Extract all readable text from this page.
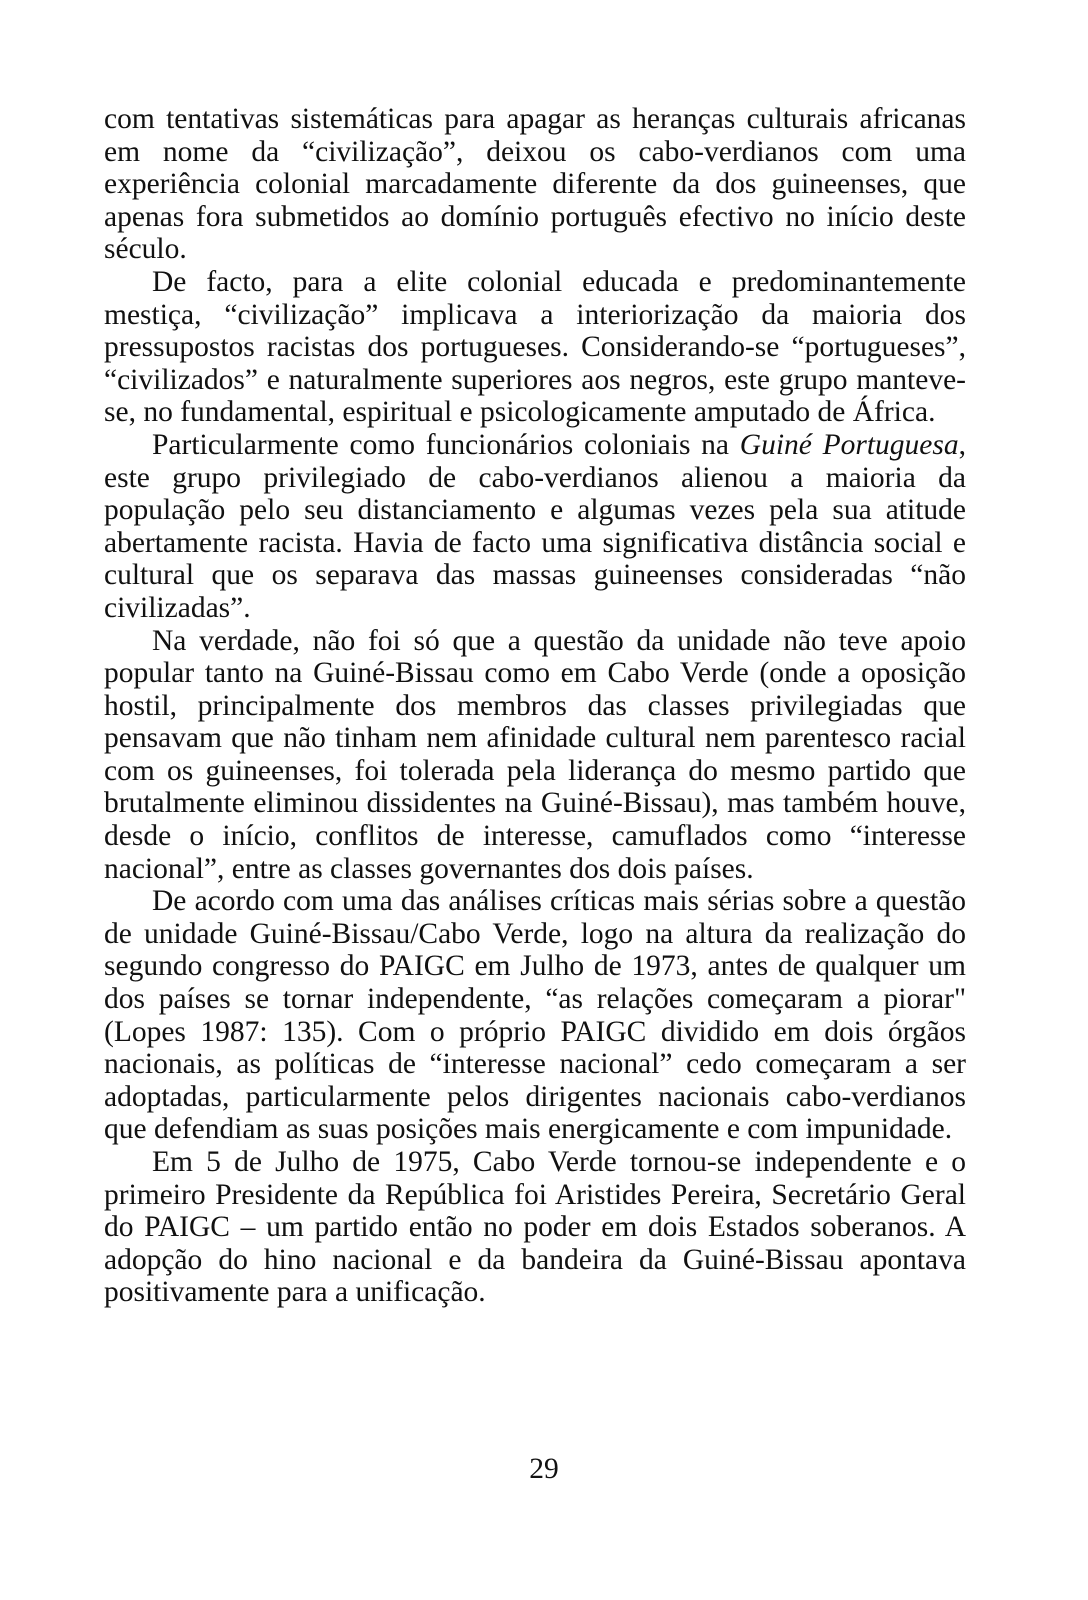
com tentativas sistemáticas para apagar as heranças culturais africanas em nome da “civilização”, deixou os cabo-verdianos com uma experiência colonial marcadamente diferente da dos guineenses, que apenas fora submetidos ao domínio português efectivo no início deste século.

De facto, para a elite colonial educada e predominantemente mestiça, “civilização” implicava a interiorização da maioria dos pressupostos racistas dos portugueses. Considerando-se “portugueses”, “civilizados” e naturalmente superiores aos negros, este grupo manteve-se, no fundamental, espiritual e psicologicamente amputado de África.

Particularmente como funcionários coloniais na Guiné Portuguesa, este grupo privilegiado de cabo-verdianos alienou a maioria da população pelo seu distanciamento e algumas vezes pela sua atitude abertamente racista. Havia de facto uma significativa distância social e cultural que os separava das massas guineenses consideradas “não civilizadas”.

Na verdade, não foi só que a questão da unidade não teve apoio popular tanto na Guiné-Bissau como em Cabo Verde (onde a oposição hostil, principalmente dos membros das classes privilegiadas que pensavam que não tinham nem afinidade cultural nem parentesco racial com os guineenses, foi tolerada pela liderança do mesmo partido que brutalmente eliminou dissidentes na Guiné-Bissau), mas também houve, desde o início, conflitos de interesse, camuflados como “interesse nacional”, entre as classes governantes dos dois países.

De acordo com uma das análises críticas mais sérias sobre a questão de unidade Guiné-Bissau/Cabo Verde, logo na altura da realização do segundo congresso do PAIGC em Julho de 1973, antes de qualquer um dos países se tornar independente, “as relações começaram a piorar" (Lopes 1987: 135). Com o próprio PAIGC dividido em dois órgãos nacionais, as políticas de “interesse nacional” cedo começaram a ser adoptadas, particularmente pelos dirigentes nacionais cabo-verdianos que defendiam as suas posições mais energicamente e com impunidade.

Em 5 de Julho de 1975, Cabo Verde tornou-se independente e o primeiro Presidente da República foi Aristides Pereira, Secretário Geral do PAIGC – um partido então no poder em dois Estados soberanos. A adopção do hino nacional e da bandeira da Guiné-Bissau apontava positivamente para a unificação.

29
